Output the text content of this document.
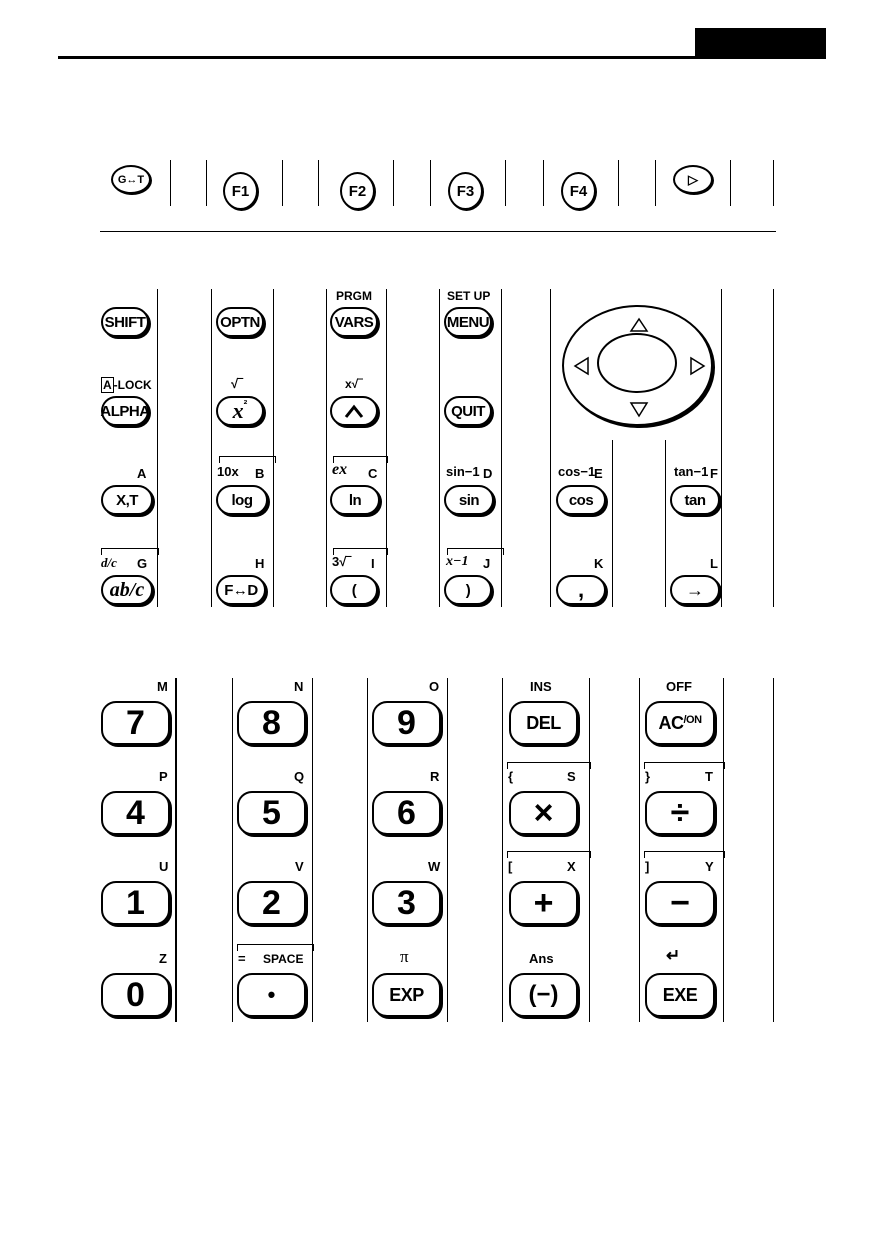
G↔T
F1	F2	F3	F4
▷
SHIFT	OPTN
PRGM
VARS
SET UP
MENU
A -LOCK
ALPHA
√‾
x ²
x√‾
QUIT
A
X,T
10x B
log
ex C
ln
sin−1 D
sin
cos−1
E
cos
tan−1 F
tan
d/c G
ab/c
H
F↔D
3√‾ I
(
x−1 J
)
K
,
L
→
M
7
N
8
O
9
INS
DEL
OFF
$AC^{/ON}$
P
4
Q
5
R
6
{	S
×
}	T
÷
U
1
V
2
W
3
[	X
+
]	Y
−
Z
0
= SPACE
•
π
EXP
Ans
(−)
↵
EXE
